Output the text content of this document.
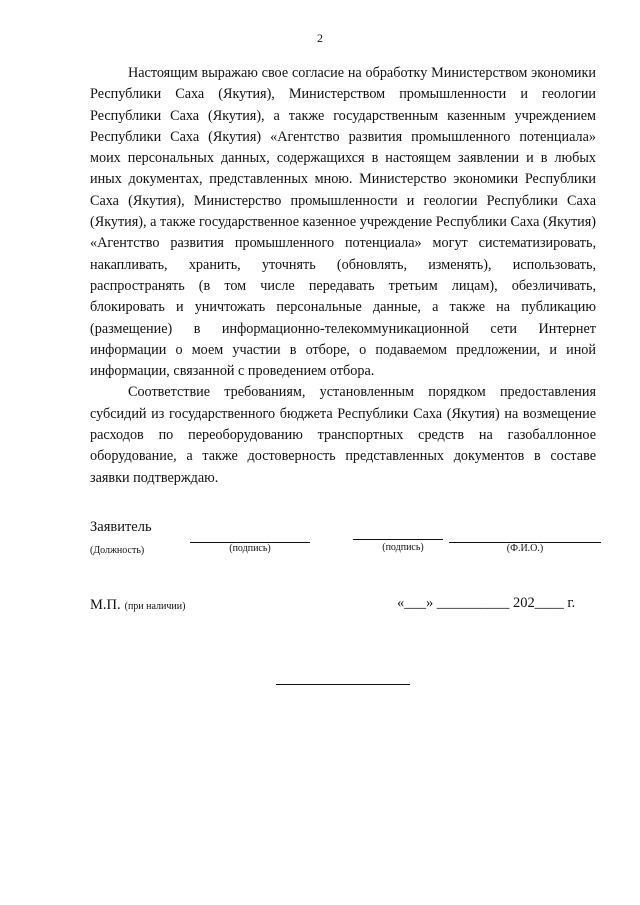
2

Настоящим выражаю свое согласие на обработку Министерством экономики Республики Саха (Якутия), Министерством промышленности и геологии Республики Саха (Якутия), а также государственным казенным учреждением Республики Саха (Якутия) «Агентство развития промышленного потенциала» моих персональных данных, содержащихся в настоящем заявлении и в любых иных документах, представленных мною. Министерство экономики Республики Саха (Якутия), Министерство промышленности и геологии Республики Саха (Якутия), а также государственное казенное учреждение Республики Саха (Якутия) «Агентство развития промышленного потенциала» могут систематизировать, накапливать, хранить, уточнять (обновлять, изменять), использовать, распространять (в том числе передавать третьим лицам), обезличивать, блокировать и уничтожать персональные данные, а также на публикацию (размещение) в информационно-телекоммуникационной сети Интернет информации о моем участии в отборе, о подаваемом предложении, и иной информации, связанной с проведением отбора.

Соответствие требованиям, установленным порядком предоставления субсидий из государственного бюджета Республики Саха (Якутия) на возмещение расходов по переоборудованию транспортных средств на газобаллонное оборудование, а также достоверность представленных документов в составе заявки подтверждаю.

Заявитель
(Должность)	(подпись)	(подпись)	(Ф.И.О.)
М.П. (при наличии)	«___» __________ 202____ г.
